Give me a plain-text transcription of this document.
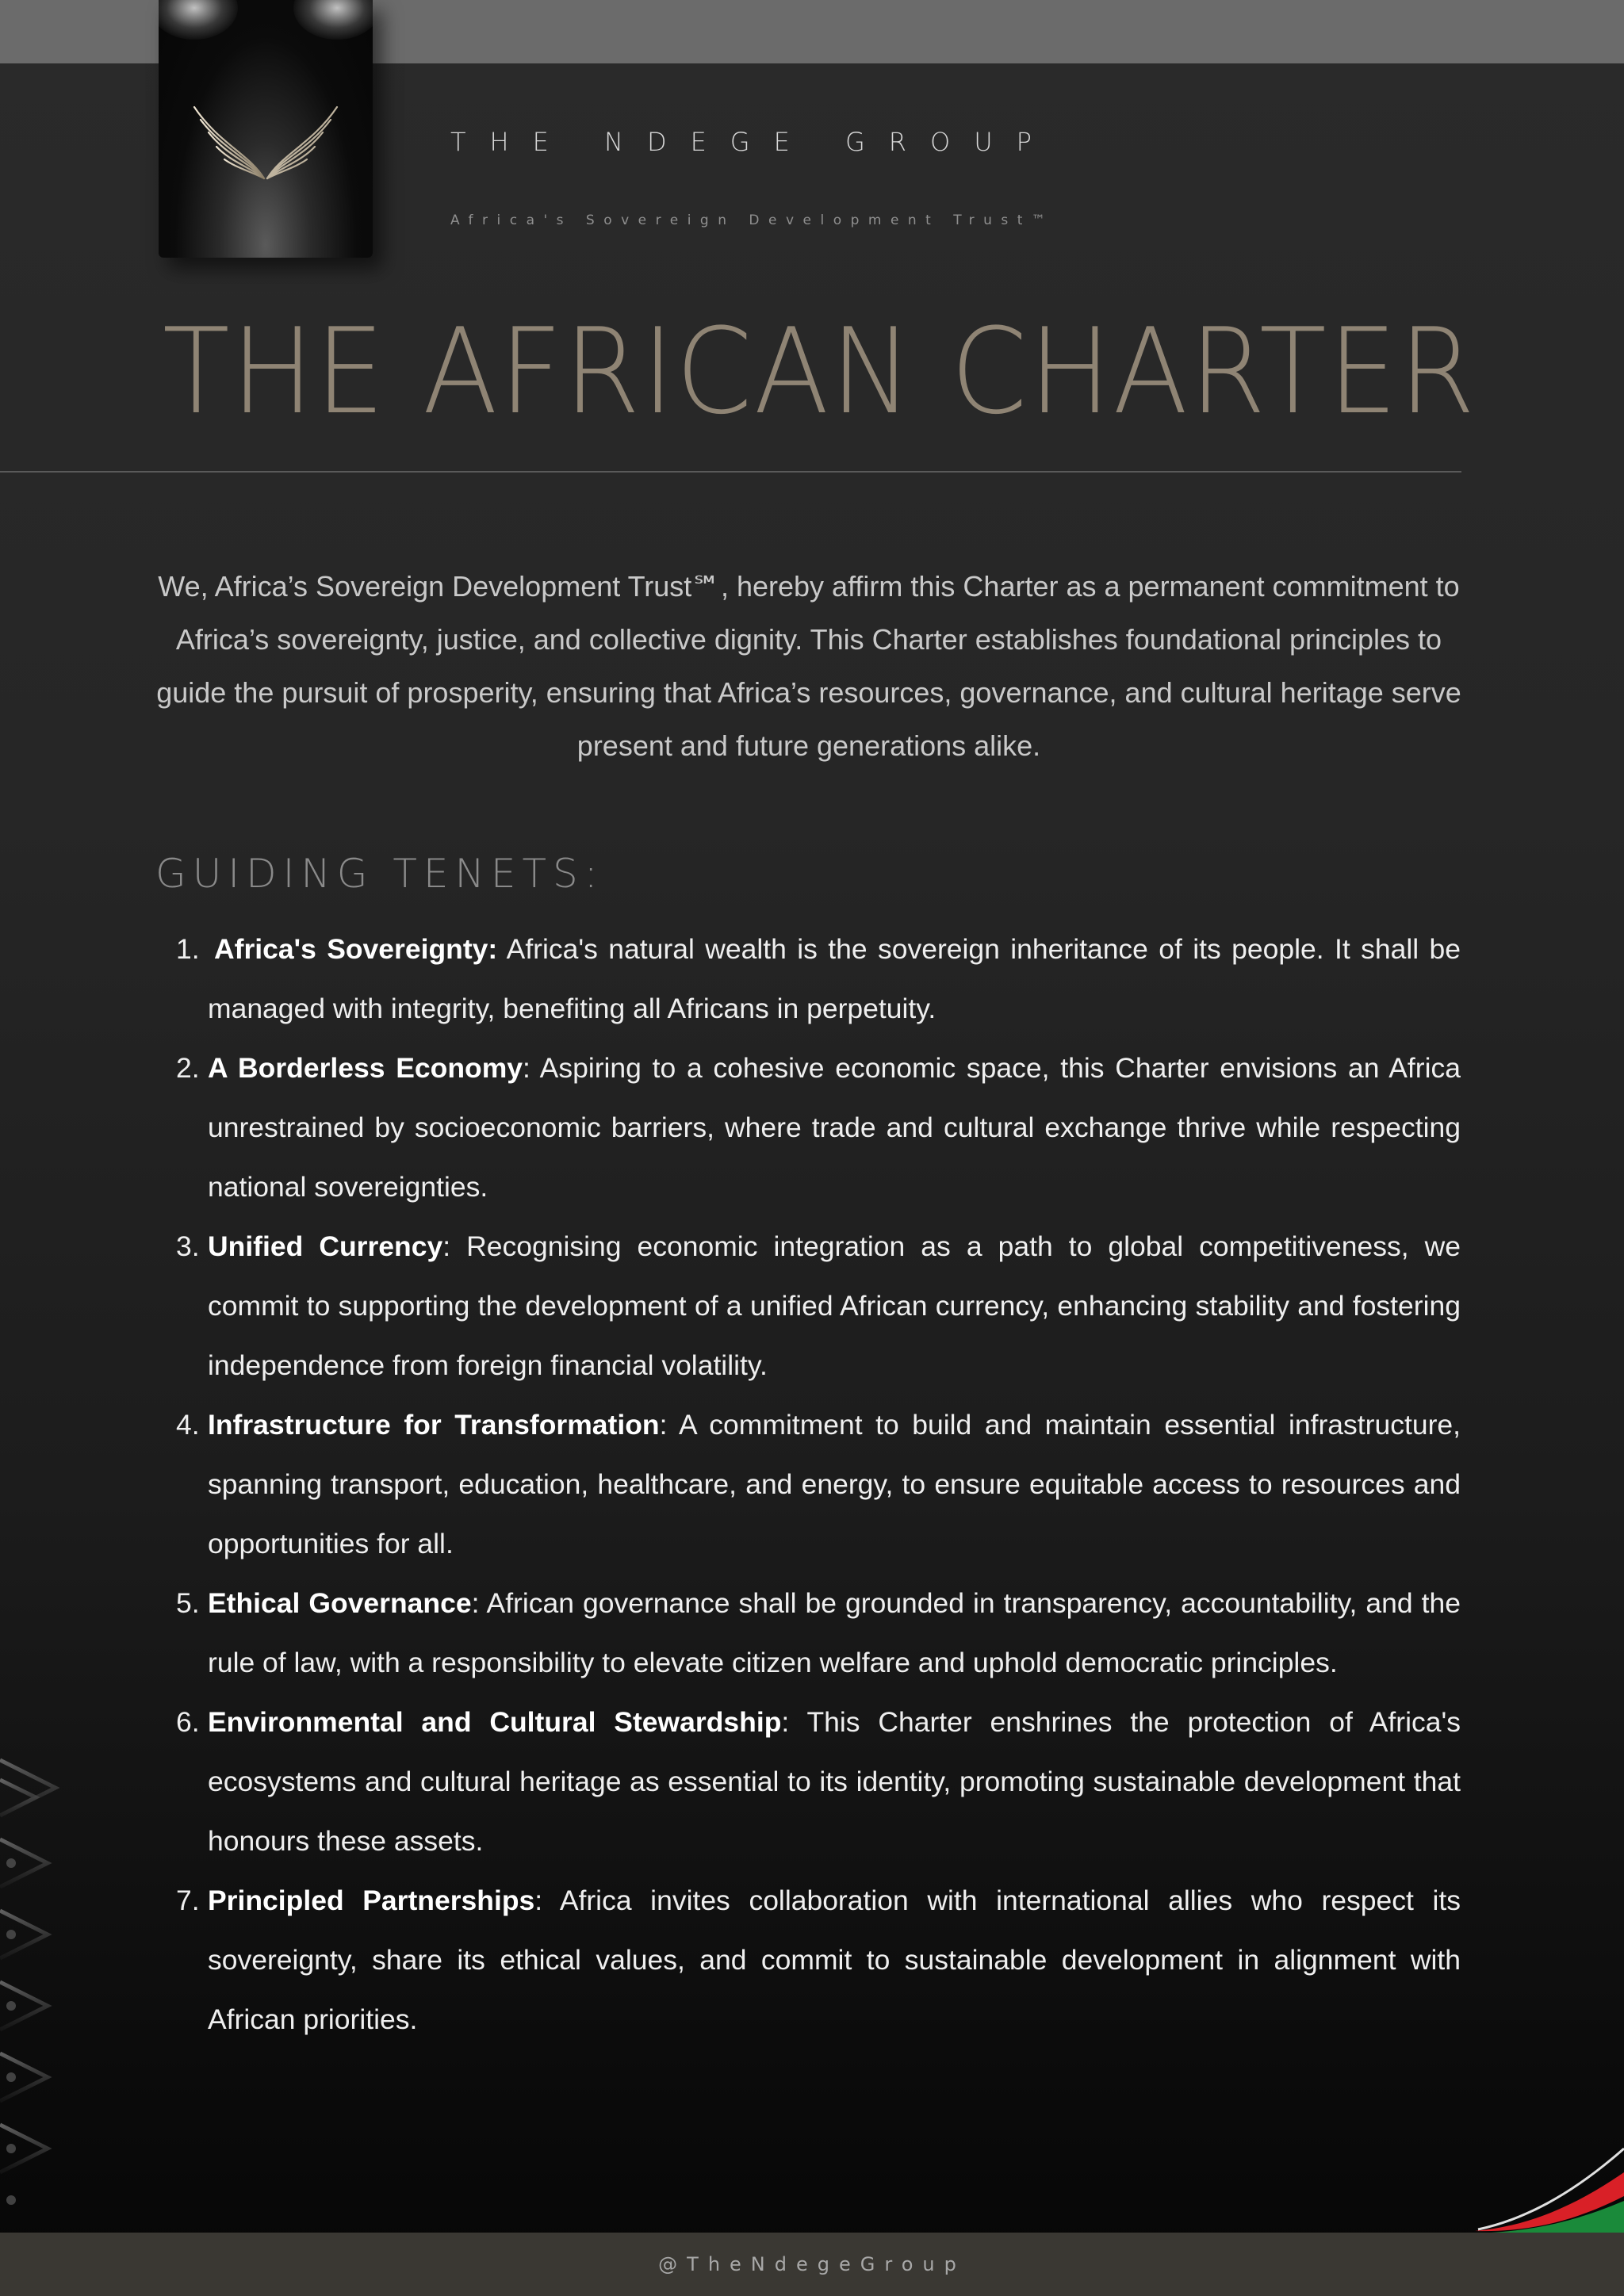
THE NDEGE GROUP
Africa's Sovereign Development Trust™
THE AFRICAN CHARTER

We, Africa’s Sovereign Development Trust℠, hereby affirm this Charter as a permanent commitment to Africa’s sovereignty, justice, and collective dignity. This Charter establishes foundational principles to guide the pursuit of prosperity, ensuring that Africa’s resources, governance, and cultural heritage serve present and future generations alike.

GUIDING TENETS:
1. Africa's Sovereignty: Africa's natural wealth is the sovereign inheritance of its people. It shall be managed with integrity, benefiting all Africans in perpetuity.
2. A Borderless Economy: Aspiring to a cohesive economic space, this Charter envisions an Africa unrestrained by socioeconomic barriers, where trade and cultural exchange thrive while respecting national sovereignties.
3. Unified Currency: Recognising economic integration as a path to global competitiveness, we commit to supporting the development of a unified African currency, enhancing stability and fostering independence from foreign financial volatility.
4. Infrastructure for Transformation: A commitment to build and maintain essential infrastructure, spanning transport, education, healthcare, and energy, to ensure equitable access to resources and opportunities for all.
5. Ethical Governance: African governance shall be grounded in transparency, accountability, and the rule of law, with a responsibility to elevate citizen welfare and uphold democratic principles.
6. Environmental and Cultural Stewardship: This Charter enshrines the protection of Africa's ecosystems and cultural heritage as essential to its identity, promoting sustainable development that honours these assets.
7. Principled Partnerships: Africa invites collaboration with international allies who respect its sovereignty, share its ethical values, and commit to sustainable development in alignment with African priorities.
@TheNdegeGroup
